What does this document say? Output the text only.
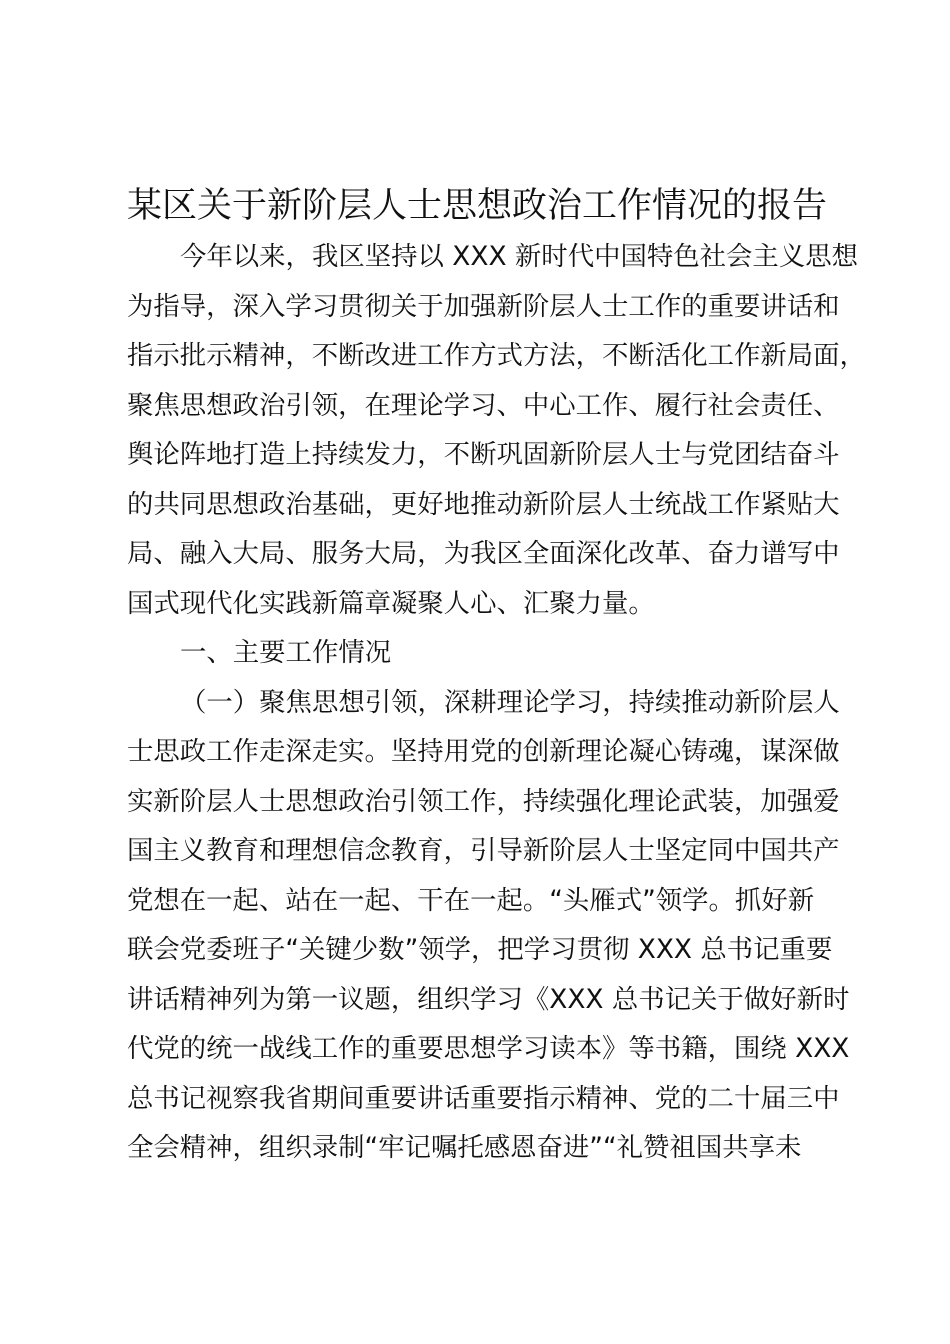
某区关于新阶层人士思想政治工作情况的报告
今年以来，我区坚持以 XXX 新时代中国特色社会主义思想
为指导，深入学习贯彻关于加强新阶层人士工作的重要讲话和
指示批示精神，不断改进工作方式方法，不断活化工作新局面，
聚焦思想政治引领，在理论学习、中心工作、履行社会责任、
舆论阵地打造上持续发力，不断巩固新阶层人士与党团结奋斗
的共同思想政治基础，更好地推动新阶层人士统战工作紧贴大
局、融入大局、服务大局，为我区全面深化改革、奋力谱写中
国式现代化实践新篇章凝聚人心、汇聚力量。
一、主要工作情况
（一）聚焦思想引领，深耕理论学习，持续推动新阶层人
士思政工作走深走实。坚持用党的创新理论凝心铸魂，谋深做
实新阶层人士思想政治引领工作，持续强化理论武装，加强爱
国主义教育和理想信念教育，引导新阶层人士坚定同中国共产
党想在一起、站在一起、干在一起。“头雁式”领学。抓好新
联会党委班子“关键少数”领学，把学习贯彻 XXX 总书记重要
讲话精神列为第一议题，组织学习《XXX 总书记关于做好新时
代党的统一战线工作的重要思想学习读本》等书籍，围绕 XXX
总书记视察我省期间重要讲话重要指示精神、党的二十届三中
全会精神，组织录制“牢记嘱托感恩奋进”“礼赞祖国共享未
